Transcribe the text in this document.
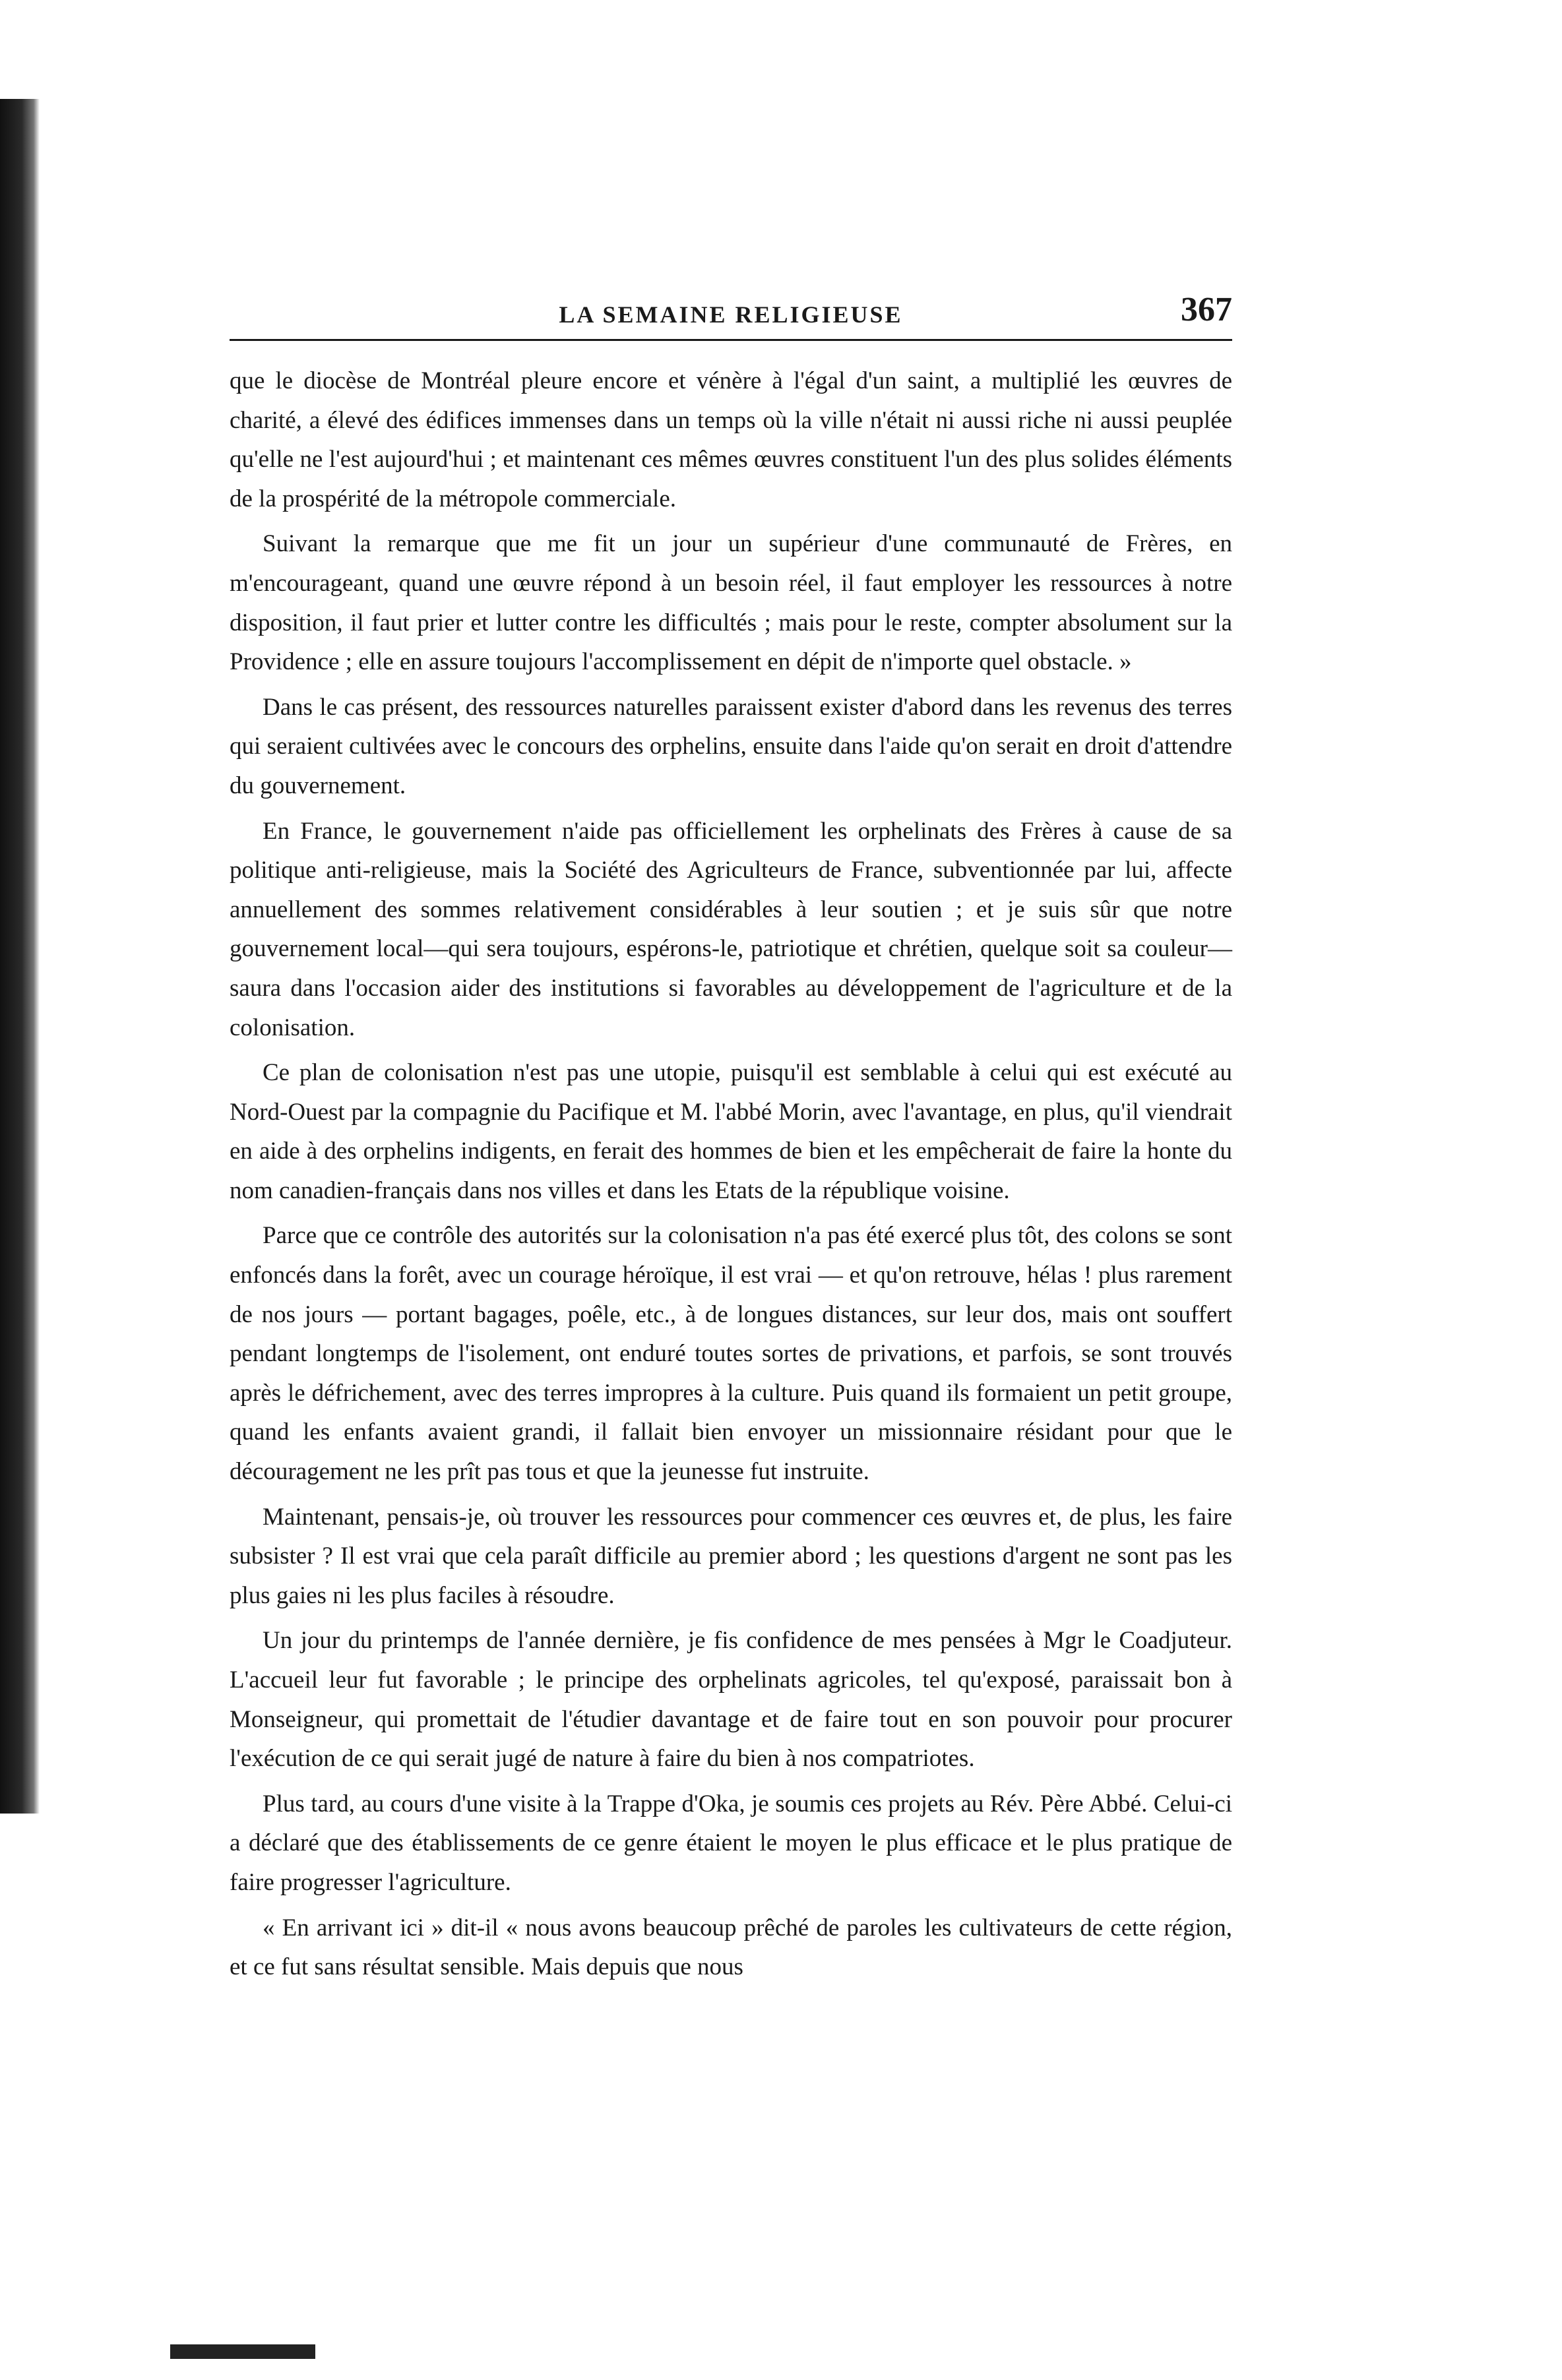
LA SEMAINE RELIGIEUSE	367

que le diocèse de Montréal pleure encore et vénère à l'égal d'un saint, a multiplié les œuvres de charité, a élevé des édifices immenses dans un temps où la ville n'était ni aussi riche ni aussi peuplée qu'elle ne l'est aujourd'hui ; et maintenant ces mêmes œuvres constituent l'un des plus solides éléments de la prospérité de la métropole commerciale.

Suivant la remarque que me fit un jour un supérieur d'une communauté de Frères, en m'encourageant, quand une œuvre répond à un besoin réel, il faut employer les ressources à notre disposition, il faut prier et lutter contre les difficultés ; mais pour le reste, compter absolument sur la Providence ; elle en assure toujours l'accomplissement en dépit de n'importe quel obstacle. »

Dans le cas présent, des ressources naturelles paraissent exister d'abord dans les revenus des terres qui seraient cultivées avec le concours des orphelins, ensuite dans l'aide qu'on serait en droit d'attendre du gouvernement.

En France, le gouvernement n'aide pas officiellement les orphelinats des Frères à cause de sa politique anti-religieuse, mais la Société des Agriculteurs de France, subventionnée par lui, affecte annuellement des sommes relativement considérables à leur soutien ; et je suis sûr que notre gouvernement local—qui sera toujours, espérons-le, patriotique et chrétien, quelque soit sa couleur—saura dans l'occasion aider des institutions si favorables au développement de l'agriculture et de la colonisation.

Ce plan de colonisation n'est pas une utopie, puisqu'il est semblable à celui qui est exécuté au Nord-Ouest par la compagnie du Pacifique et M. l'abbé Morin, avec l'avantage, en plus, qu'il viendrait en aide à des orphelins indigents, en ferait des hommes de bien et les empêcherait de faire la honte du nom canadien-français dans nos villes et dans les Etats de la république voisine.

Parce que ce contrôle des autorités sur la colonisation n'a pas été exercé plus tôt, des colons se sont enfoncés dans la forêt, avec un courage héroïque, il est vrai — et qu'on retrouve, hélas ! plus rarement de nos jours — portant bagages, poêle, etc., à de longues distances, sur leur dos, mais ont souffert pendant longtemps de l'isolement, ont enduré toutes sortes de privations, et parfois, se sont trouvés après le défrichement, avec des terres impropres à la culture. Puis quand ils formaient un petit groupe, quand les enfants avaient grandi, il fallait bien envoyer un missionnaire résidant pour que le découragement ne les prît pas tous et que la jeunesse fut instruite.

Maintenant, pensais-je, où trouver les ressources pour commencer ces œuvres et, de plus, les faire subsister ? Il est vrai que cela paraît difficile au premier abord ; les questions d'argent ne sont pas les plus gaies ni les plus faciles à résoudre.

Un jour du printemps de l'année dernière, je fis confidence de mes pensées à Mgr le Coadjuteur. L'accueil leur fut favorable ; le principe des orphelinats agricoles, tel qu'exposé, paraissait bon à Monseigneur, qui promettait de l'étudier davantage et de faire tout en son pouvoir pour procurer l'exécution de ce qui serait jugé de nature à faire du bien à nos compatriotes.

Plus tard, au cours d'une visite à la Trappe d'Oka, je soumis ces projets au Rév. Père Abbé. Celui-ci a déclaré que des établissements de ce genre étaient le moyen le plus efficace et le plus pratique de faire progresser l'agriculture.

« En arrivant ici » dit-il « nous avons beaucoup prêché de paroles les cultivateurs de cette région, et ce fut sans résultat sensible. Mais depuis que nous
